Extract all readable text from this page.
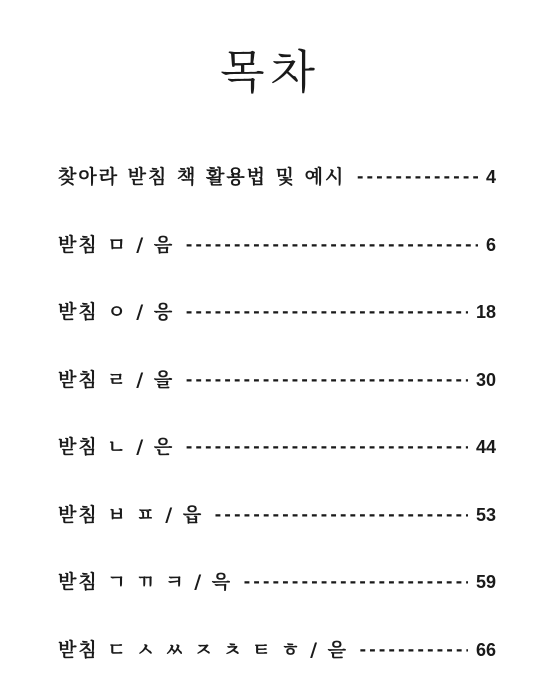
목차
찾아라 받침 책 활용법 및 예시 -----	4
받침 ㅁ / 음 -----	6
받침 ㅇ / 응 -----	18
받침 ㄹ / 을 -----	30
받침 ㄴ / 은 -----	44
받침 ㅂ ㅍ / 읍 -----	53
받침 ㄱ ㄲ ㅋ / 윽 -----	59
받침 ㄷ ㅅ ㅆ ㅈ ㅊ ㅌ ㅎ / 읃 -----	66
